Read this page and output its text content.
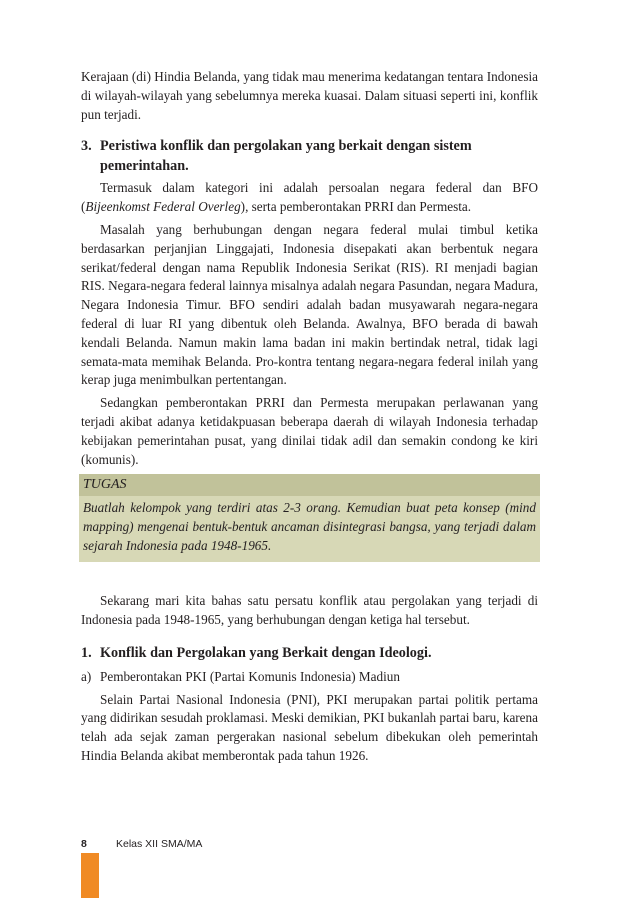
Kerajaan (di) Hindia Belanda, yang tidak mau menerima kedatangan tentara Indonesia di wilayah-wilayah yang sebelumnya mereka kuasai. Dalam situasi seperti ini, konflik pun terjadi.

3. Peristiwa konflik dan pergolakan yang berkait dengan sistem pemerintahan.

Termasuk dalam kategori ini adalah persoalan negara federal dan BFO (Bijeenkomst Federal Overleg), serta pemberontakan PRRI dan Permesta.

Masalah yang berhubungan dengan negara federal mulai timbul ketika berdasarkan perjanjian Linggajati, Indonesia disepakati akan berbentuk negara serikat/federal dengan nama Republik Indonesia Serikat (RIS). RI menjadi bagian RIS. Negara-negara federal lainnya misalnya adalah negara Pasundan, negara Madura, Negara Indonesia Timur. BFO sendiri adalah badan musyawarah negara-negara federal di luar RI yang dibentuk oleh Belanda. Awalnya, BFO berada di bawah kendali Belanda. Namun makin lama badan ini makin bertindak netral, tidak lagi semata-mata memihak Belanda. Pro-kontra tentang negara-negara federal inilah yang kerap juga menimbulkan pertentangan.

Sedangkan pemberontakan PRRI dan Permesta merupakan perlawanan yang terjadi akibat adanya ketidakpuasan beberapa daerah di wilayah Indonesia terhadap kebijakan pemerintahan pusat, yang dinilai tidak adil dan semakin condong ke kiri (komunis).

TUGAS
Buatlah kelompok yang terdiri atas 2-3 orang. Kemudian buat peta konsep (mind mapping) mengenai bentuk-bentuk ancaman disintegrasi bangsa, yang terjadi dalam sejarah Indonesia pada 1948-1965.

Sekarang mari kita bahas satu persatu konflik atau pergolakan yang terjadi di Indonesia pada 1948-1965, yang berhubungan dengan ketiga hal tersebut.

1. Konflik dan Pergolakan yang Berkait dengan Ideologi.
a) Pemberontakan PKI (Partai Komunis Indonesia) Madiun

Selain Partai Nasional Indonesia (PNI), PKI merupakan partai politik pertama yang didirikan sesudah proklamasi. Meski demikian, PKI bukanlah partai baru, karena telah ada sejak zaman pergerakan nasional sebelum dibekukan oleh pemerintah Hindia Belanda akibat memberontak pada tahun 1926.

8	Kelas XII SMA/MA
